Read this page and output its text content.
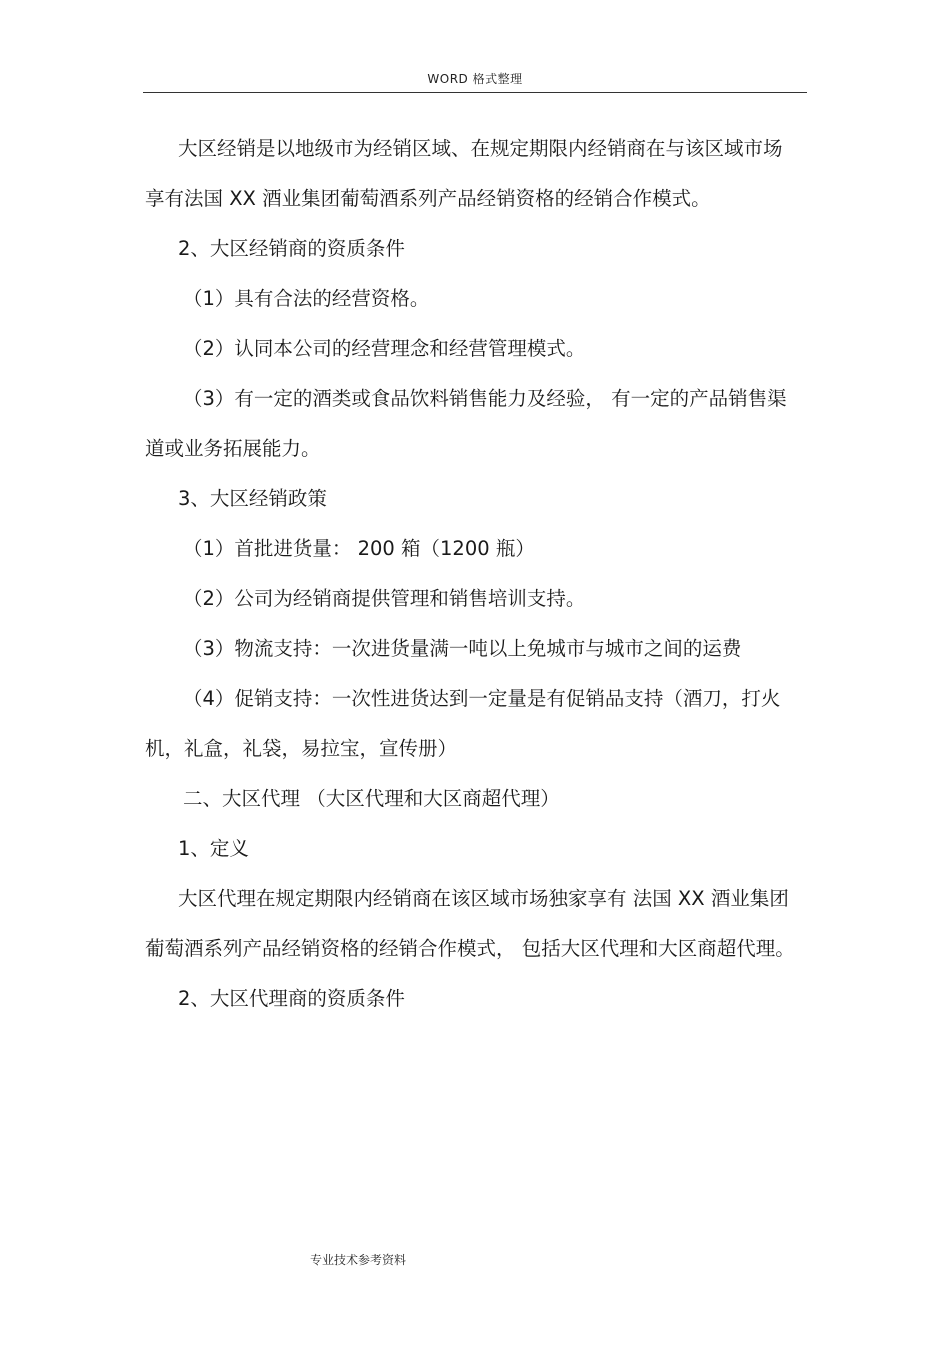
WORD 格式整理

大区经销是以地级市为经销区域、在规定期限内经销商在与该区域市场享有法国 XX 酒业集团葡萄酒系列产品经销资格的经销合作模式。

2、大区经销商的资质条件

（1）具有合法的经营资格。

（2）认同本公司的经营理念和经营管理模式。

（3）有一定的酒类或食品饮料销售能力及经验， 有一定的产品销售渠道或业务拓展能力。

3、大区经销政策

（1）首批进货量： 200 箱（1200 瓶）

（2）公司为经销商提供管理和销售培训支持。

（3）物流支持：一次进货量满一吨以上免城市与城市之间的运费

（4）促销支持：一次性进货达到一定量是有促销品支持（酒刀，打火机，礼盒，礼袋，易拉宝，宣传册）

二、大区代理 （大区代理和大区商超代理）

1、定义

大区代理在规定期限内经销商在该区域市场独家享有 法国 XX 酒业集团 葡萄酒系列产品经销资格的经销合作模式， 包括大区代理和大区商超代理。

2、大区代理商的资质条件

专业技术参考资料
